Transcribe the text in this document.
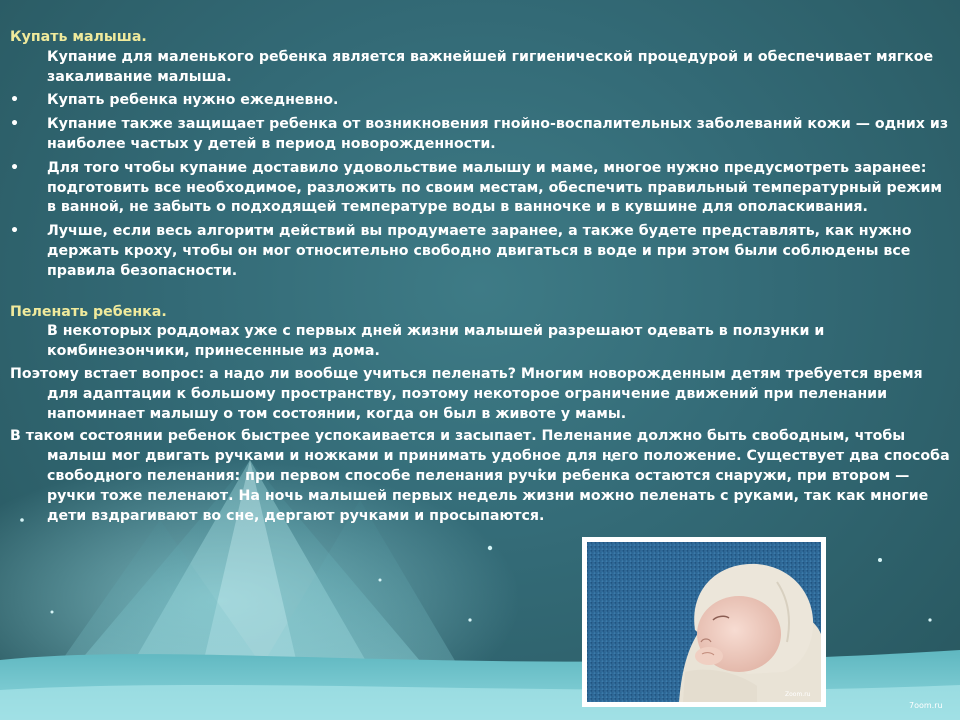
Купать малыша.
Купание для маленького ребенка является важнейшей гигиенической процедурой и обеспечивает мягкое закаливание малыша.
• Купать ребенка нужно ежедневно.
• Купание также защищает ребенка от возникновения гнойно-воспалительных заболеваний кожи — одних из наиболее частых у детей в период новорожденности.
• Для того чтобы купание доставило удовольствие малышу и маме, многое нужно предусмотреть заранее: подготовить все необходимое, разложить по своим местам, обеспечить правильный температурный режим в ванной, не забыть о подходящей температуре воды в ванночке и в кувшине для ополаскивания.
• Лучше, если весь алгоритм действий вы продумаете заранее, а также будете представлять, как нужно держать кроху, чтобы он мог относительно свободно двигаться в воде и при этом были соблюдены все правила безопасности.
Пеленать ребенка.
В некоторых роддомах уже с первых дней жизни малышей разрешают одевать в ползунки и комбинезончики, принесенные из дома.
Поэтому встает вопрос: а надо ли вообще учиться пеленать? Многим новорожденным детям требуется время для адаптации к большому пространству, поэтому некоторое ограничение движений при пеленании напоминает малышу о том состоянии, когда он был в животе у мамы.
В таком состоянии ребенок быстрее успокаивается и засыпает. Пеленание должно быть свободным, чтобы малыш мог двигать ручками и ножками и принимать удобное для него положение. Существует два способа свободного пеленания: при первом способе пеленания ручки ребенка остаются снаружи, при втором — ручки тоже пеленают. На ночь малышей первых недель жизни можно пеленать с руками, так как многие дети вздрагивают во сне, дергают ручками и просыпаются.
Zoom.ru
7oom.ru
